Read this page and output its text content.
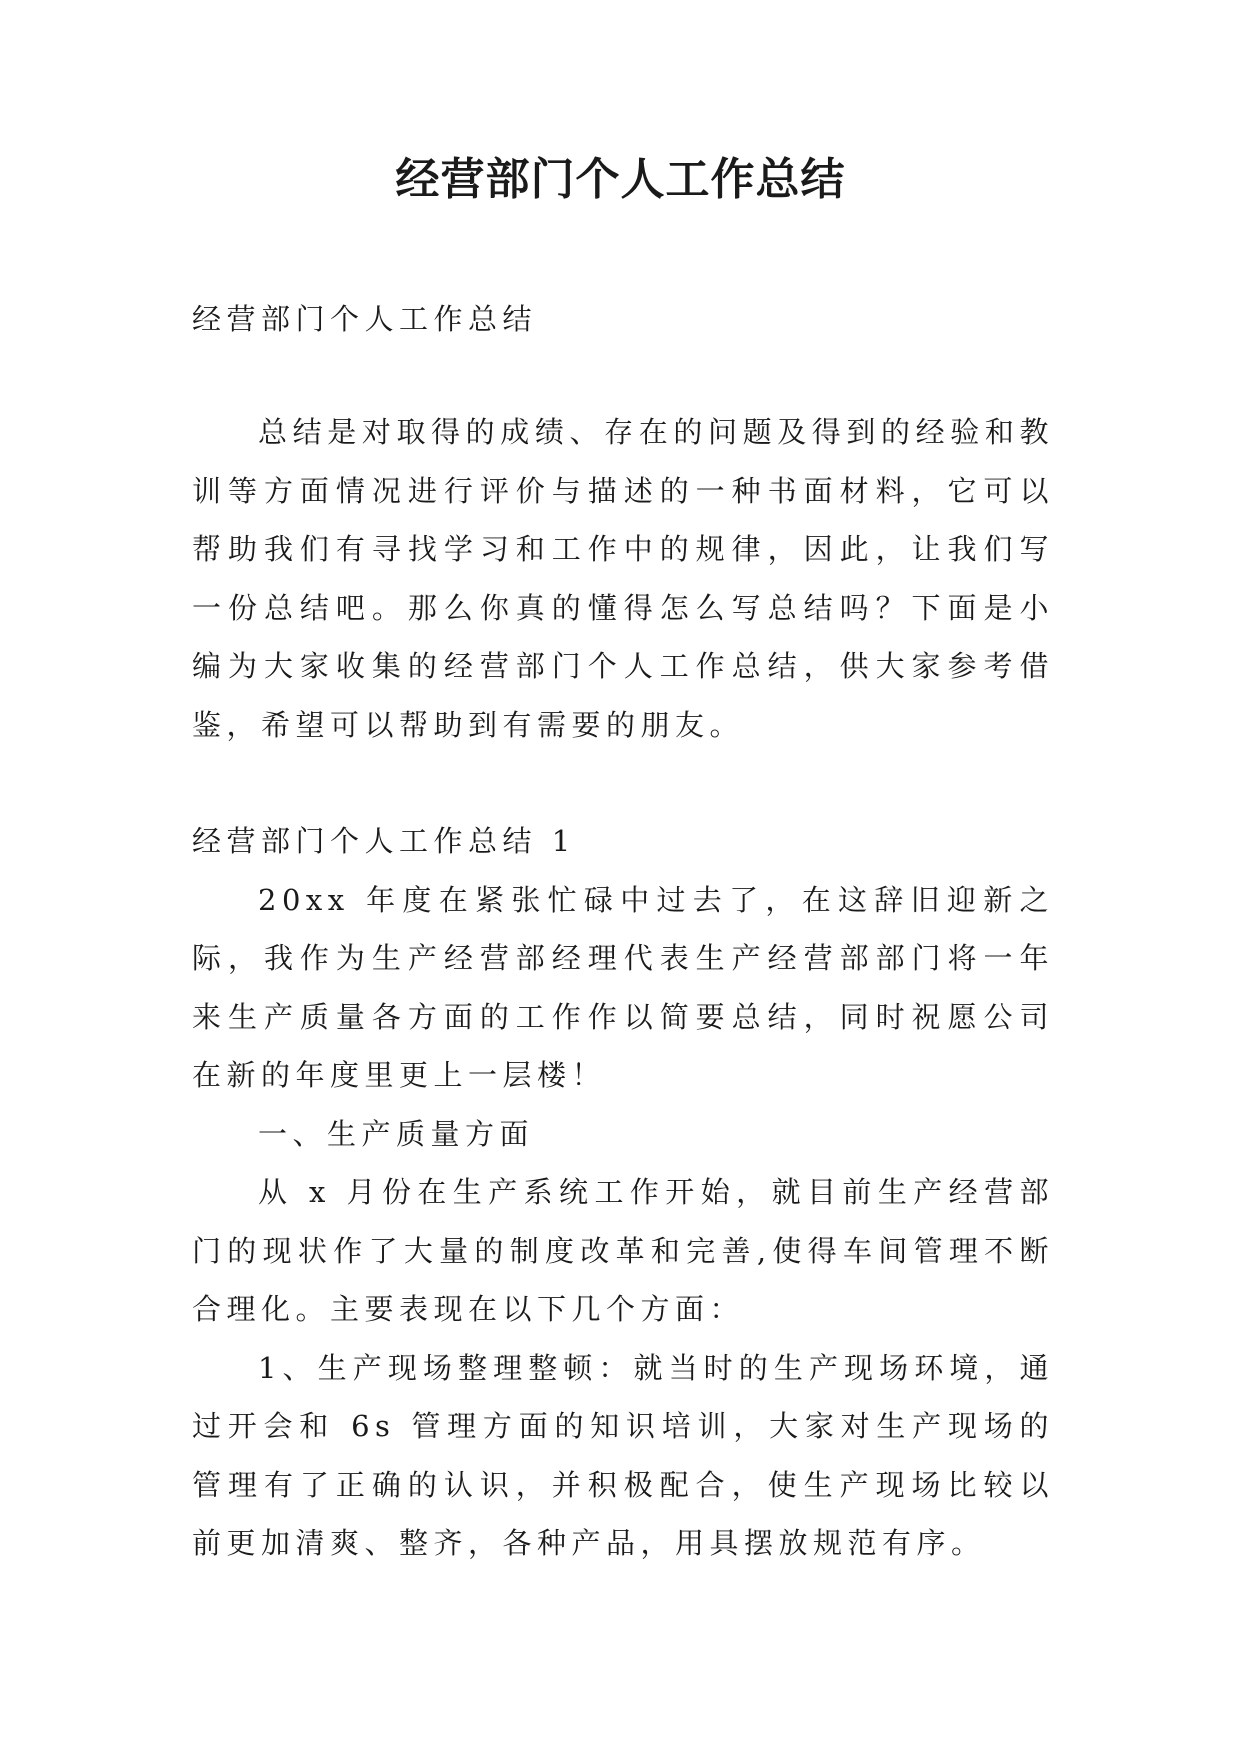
经营部门个人工作总结

经营部门个人工作总结

总结是对取得的成绩、存在的问题及得到的经验和教训等方面情况进行评价与描述的一种书面材料，它可以帮助我们有寻找学习和工作中的规律，因此，让我们写一份总结吧。那么你真的懂得怎么写总结吗？下面是小编为大家收集的经营部门个人工作总结，供大家参考借鉴，希望可以帮助到有需要的朋友。

经营部门个人工作总结 1

20xx 年度在紧张忙碌中过去了，在这辞旧迎新之际，我作为生产经营部经理代表生产经营部部门将一年来生产质量各方面的工作作以简要总结，同时祝愿公司在新的年度里更上一层楼！

一、生产质量方面

从 x 月份在生产系统工作开始，就目前生产经营部门的现状作了大量的制度改革和完善,使得车间管理不断合理化。主要表现在以下几个方面：

1、生产现场整理整顿：就当时的生产现场环境，通过开会和 6s 管理方面的知识培训，大家对生产现场的管理有了正确的认识，并积极配合，使生产现场比较以前更加清爽、整齐，各种产品，用具摆放规范有序。
